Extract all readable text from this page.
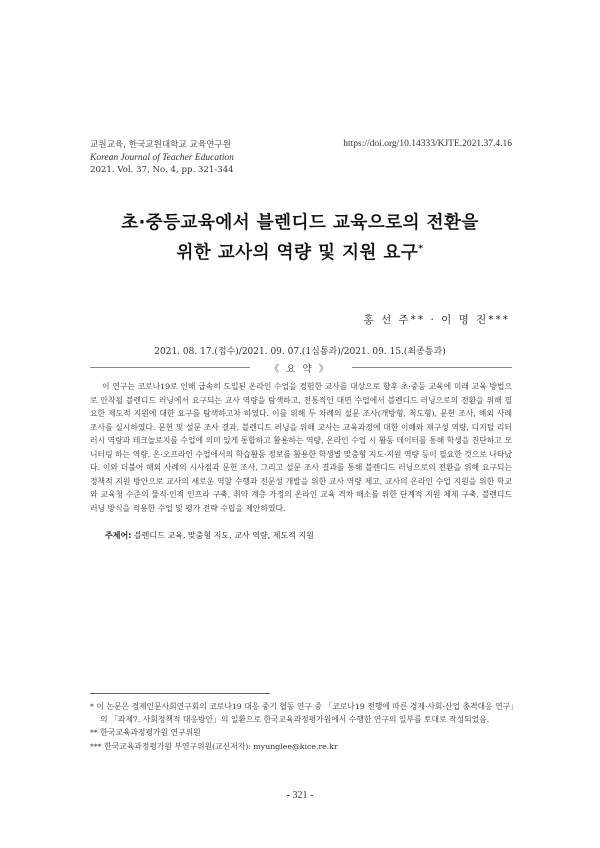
교원교육, 한국교원대학교 교육연구원
Korean Journal of Teacher Education
2021. Vol. 37, No. 4, pp. 321-344
https://doi.org/10.14333/KJTE.2021.37.4.16
초·중등교육에서 블렌디드 교육으로의 전환을
위한 교사의 역량 및 지원 요구*
홍 선 주** · 이 명 진***
2021. 08. 17.(접수)/2021. 09. 07.(1심통과)/2021. 09. 15.(최종통과)
《 요 약 》
이 연구는 코로나19로 인해 급속히 도입된 온라인 수업을 경험한 교사를 대상으로 향후 초·중등 교육에 미래 교육 방법으로 안착될 블렌디드 러닝에서 요구되는 교사 역량을 탐색하고, 전통적인 대면 수업에서 블렌디드 러닝으로의 전환을 위해 필요한 제도적 지원에 대한 요구를 탐색하고자 하였다. 이를 위해 두 차례의 설문 조사(개방형, 척도형), 문헌 조사, 해외 사례 조사를 실시하였다. 문헌 및 설문 조사 결과, 블렌디드 러닝을 위해 교사는 교육과정에 대한 이해와 재구성 역량, 디지털 리터러시 역량과 테크놀로지를 수업에 의미 있게 통합하고 활용하는 역량, 온라인 수업 시 활동 데이터를 통해 학생을 진단하고 모니터링 하는 역량, 온·오프라인 수업에서의 학습활동 정보를 활용한 학생별 맞춤형 지도·지원 역량 등이 필요한 것으로 나타났다. 이와 더불어 해외 사례의 시사점과 문헌 조사, 그리고 설문 조사 결과를 통해 블렌디드 러닝으로의 전환을 위해 요구되는 정책적 지원 방안으로 교사의 새로운 역할 수행과 전문성 개발을 위한 교사 역량 제고, 교사의 온라인 수업 지원을 위한 학교와 교육청 수준의 물적·인적 인프라 구축, 취약 계층 가정의 온라인 교육 격차 해소를 위한 단계적 지원 체제 구축, 블렌디드 러닝 방식을 적용한 수업 및 평가 전략 수립을 제안하였다.
주제어: 블렌디드 교육, 맞춤형 지도, 교사 역량, 제도적 지원

* 이 논문은 경제인문사회연구회의 코로나19 대응 중기 협동 연구 중 「코로나19 전행에 따른 경제·사회·산업 충격대응 연구」의 「과제7. 사회정책적 대응방안」의 일환으로 한국교육과정평가원에서 수행한 연구의 일부를 토대로 작성되었음.

** 한국교육과정평가원 연구위원

*** 한국교육과정평가원 부연구위원(교신저자): myunglee@kice.re.kr

- 321 -
